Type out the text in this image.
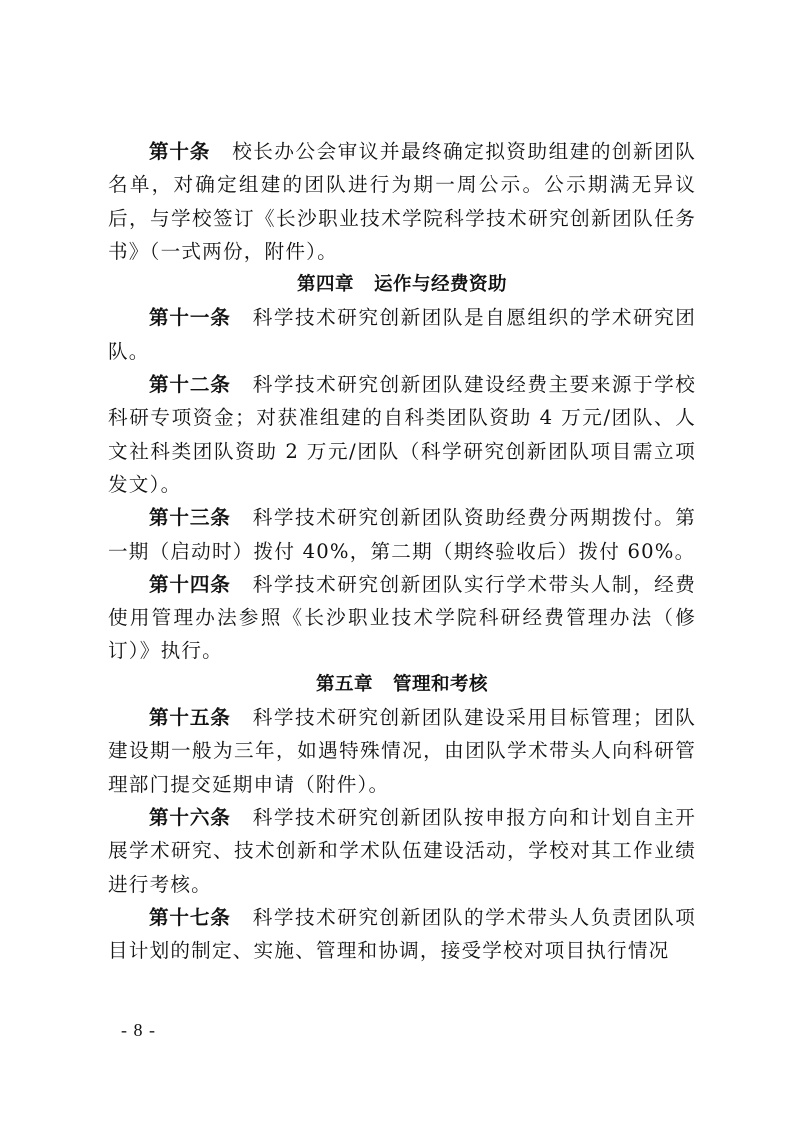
第十条 校长办公会审议并最终确定拟资助组建的创新团队名单，对确定组建的团队进行为期一周公示。公示期满无异议后，与学校签订《长沙职业技术学院科学技术研究创新团队任务书》（一式两份，附件）。

第四章 运作与经费资助

第十一条 科学技术研究创新团队是自愿组织的学术研究团队。

第十二条 科学技术研究创新团队建设经费主要来源于学校科研专项资金；对获准组建的自科类团队资助 4 万元/团队、人文社科类团队资助 2 万元/团队（科学研究创新团队项目需立项发文）。

第十三条 科学技术研究创新团队资助经费分两期拨付。第一期（启动时）拨付 40%，第二期（期终验收后）拨付 60%。

第十四条 科学技术研究创新团队实行学术带头人制，经费使用管理办法参照《长沙职业技术学院科研经费管理办法（修订）》执行。

第五章 管理和考核

第十五条 科学技术研究创新团队建设采用目标管理；团队建设期一般为三年，如遇特殊情况，由团队学术带头人向科研管理部门提交延期申请（附件）。

第十六条 科学技术研究创新团队按申报方向和计划自主开展学术研究、技术创新和学术队伍建设活动，学校对其工作业绩进行考核。

第十七条 科学技术研究创新团队的学术带头人负责团队项目计划的制定、实施、管理和协调，接受学校对项目执行情况

- 8 -
